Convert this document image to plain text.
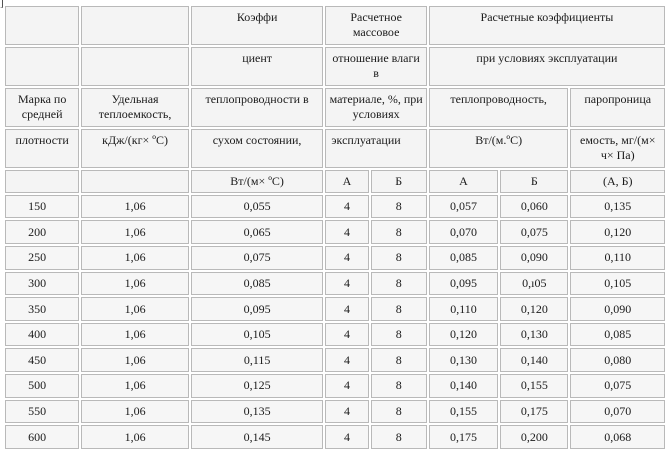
]
		Коэффи	Расчетное массовое		Расчетные коэффициенты		
		циент	отношение влаги в		при условиях эксплуатации		
Марка по средней	Удельная теплоемкость,	теплопроводности в	материале, %, при условиях		теплопроводность,		паропроница
плотности	кДж/(кг× ºС)	сухом состоянии,	эксплуатации		Вт/(м.ºС)		емость, мг/(м× ч× Па)
		Вт/(м× ºС)	А	Б	А	Б	(А, Б)
150	1,06	0,055	4	8	0,057	0,060	0,135
200	1,06	0,065	4	8	0,070	0,075	0,120
250	1,06	0,075	4	8	0,085	0,090	0,110
300	1,06	0,085	4	8	0,095	0,ı05	0,105
350	1,06	0,095	4	8	0,110	0,120	0,090
400	1,06	0,105	4	8	0,120	0,130	0,085
450	1,06	0,115	4	8	0,130	0,140	0,080
500	1,06	0,125	4	8	0,140	0,155	0,075
550	1,06	0,135	4	8	0,155	0,175	0,070
600	1,06	0,145	4	8	0,175	0,200	0,068
